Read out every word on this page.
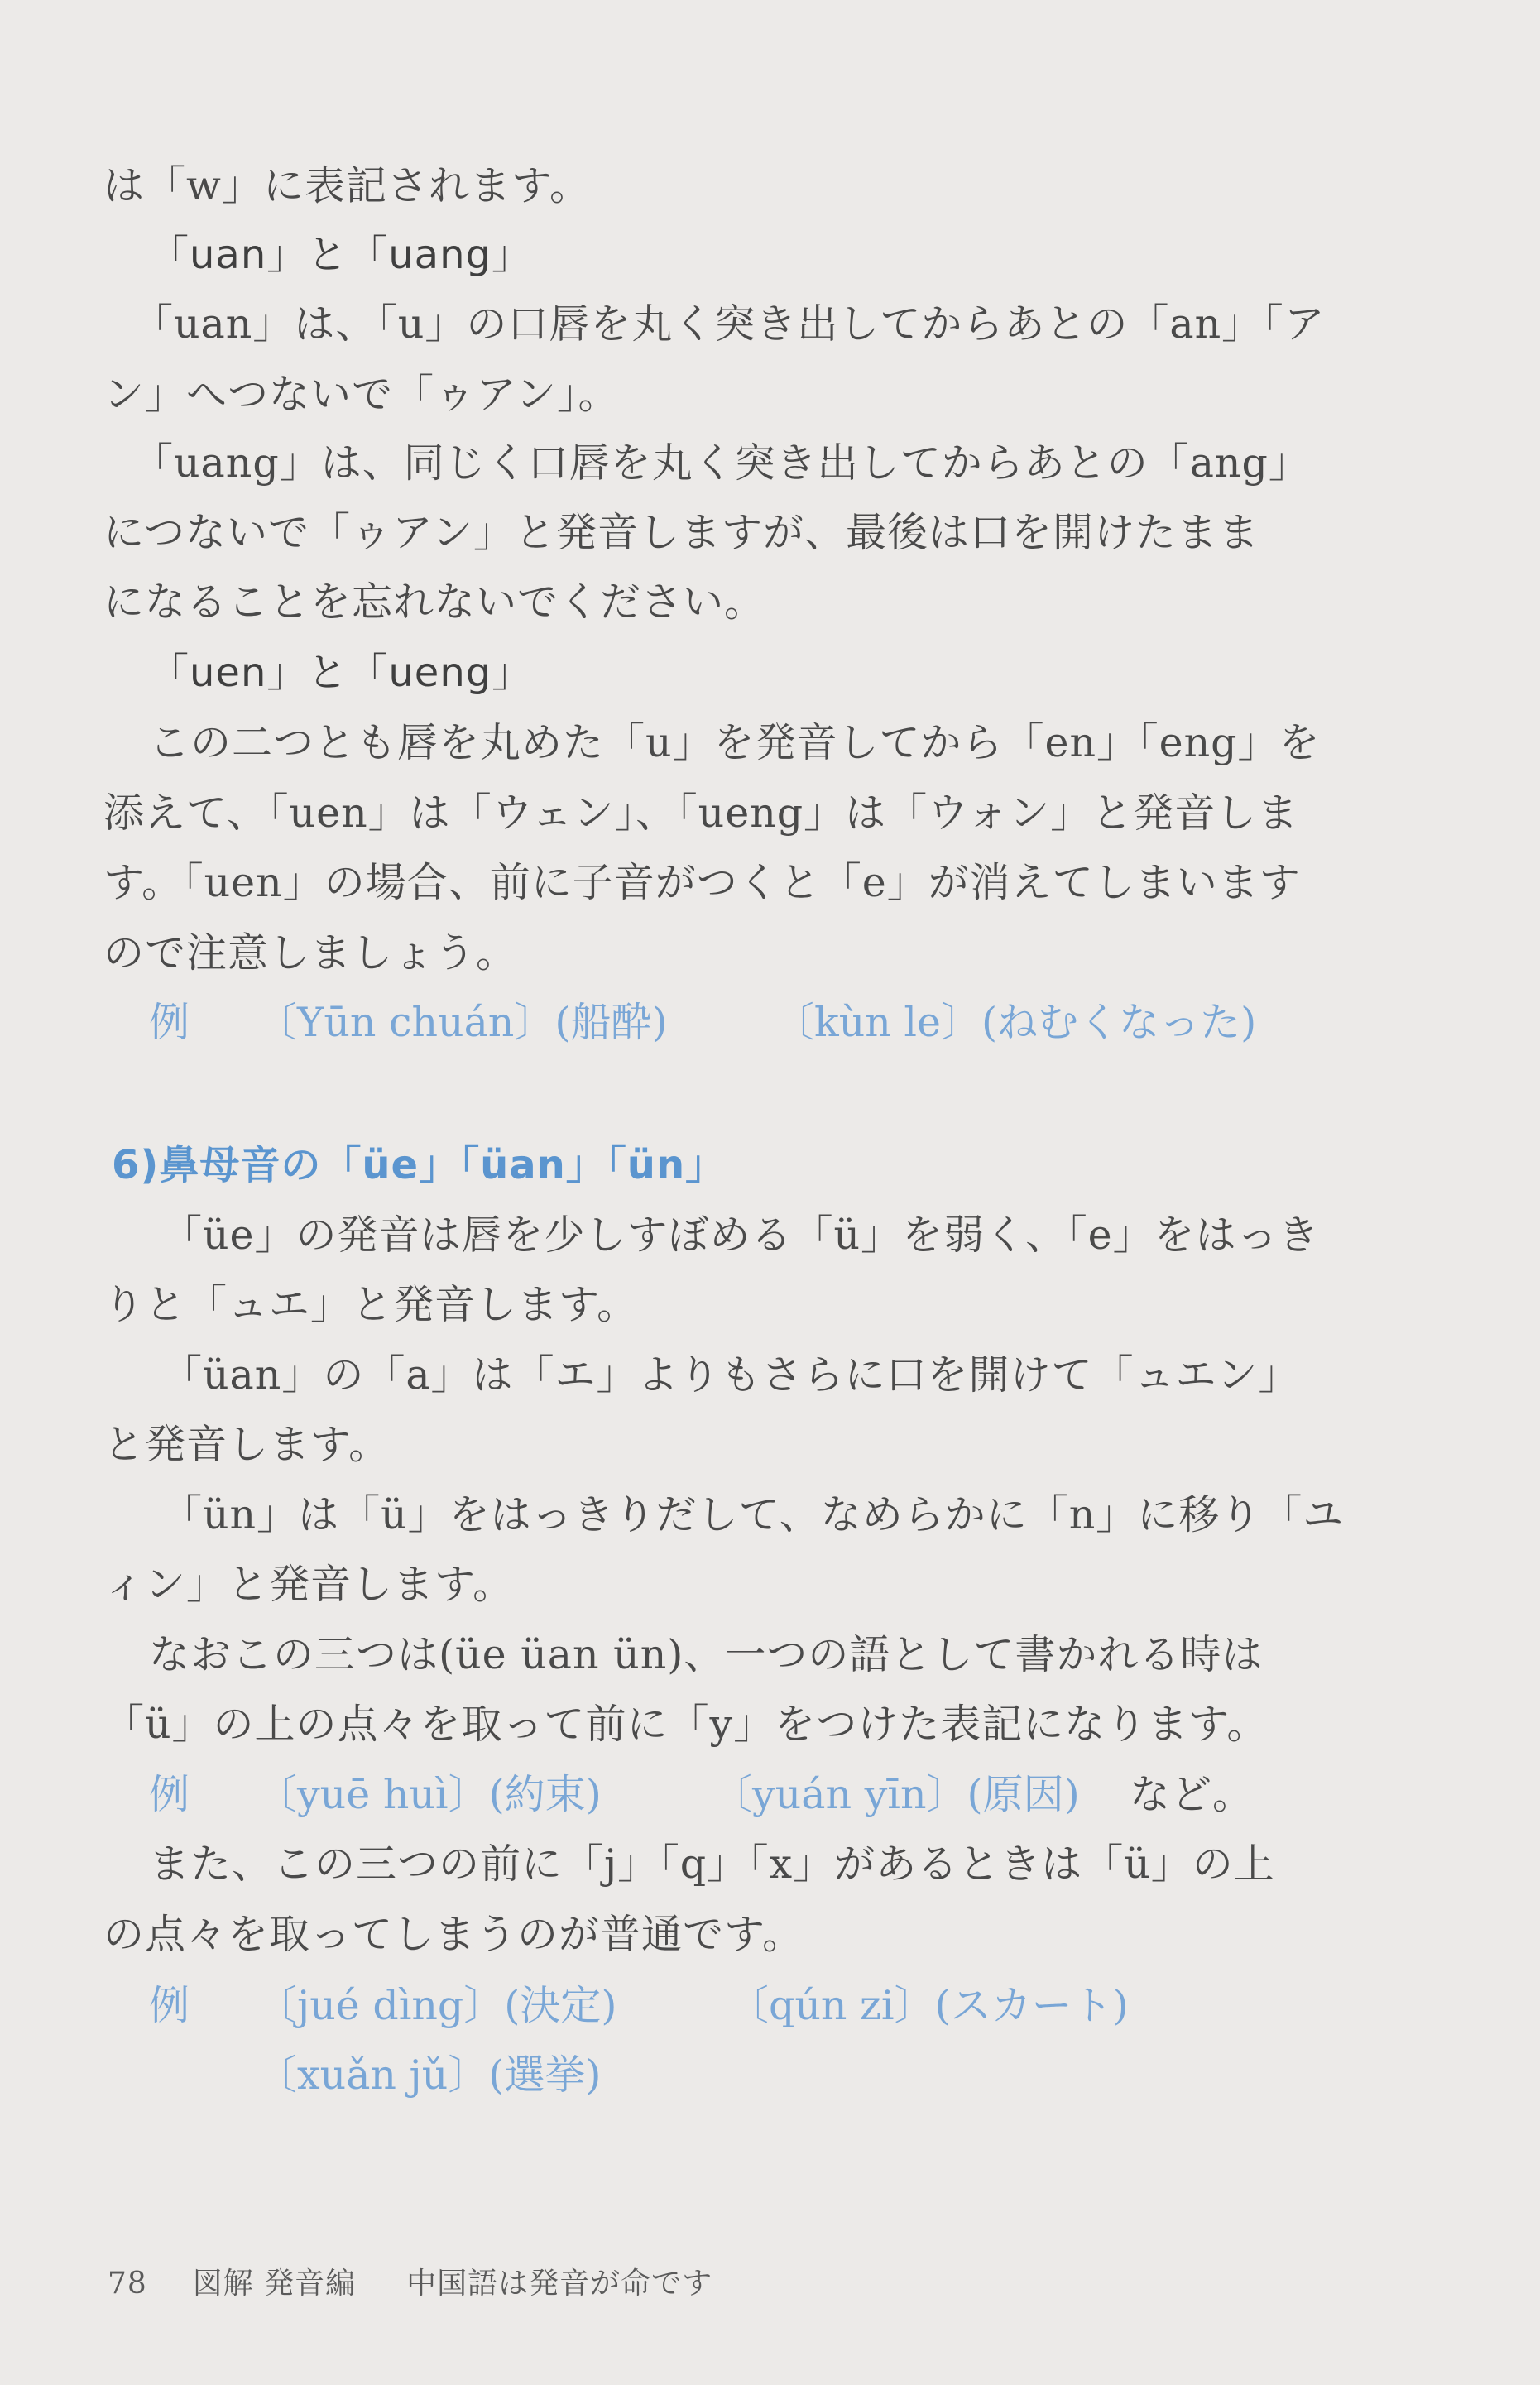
は「w」に表記されます。
「uan」と「uang」
「uan」は、「u」の口唇を丸く突き出してからあとの「an」「ア
ン」へつないで「ゥアン」。
「uang」は、同じく口唇を丸く突き出してからあとの「ang」
につないで「ゥアン」と発音しますが、最後は口を開けたまま
になることを忘れないでください。
「uen」と「ueng」
この二つとも唇を丸めた「u」を発音してから「en」「eng」を
添えて、「uen」は「ウェン」、「ueng」は「ウォン」と発音しま
す。「uen」の場合、前に子音がつくと「e」が消えてしまいます
ので注意しましょう。
例 〔Yūn chuán〕(船酔)	〔kùn le〕(ねむくなった)
6)鼻母音の「üe」「üan」「ün」
「üe」の発音は唇を少しすぼめる「ü」を弱く、「e」をはっき
りと「ュエ」と発音します。
「üan」の「a」は「エ」よりもさらに口を開けて「ュエン」
と発音します。
「ün」は「ü」をはっきりだして、なめらかに「n」に移り「ユ
ィン」と発音します。
なおこの三つは(üe üan ün)、一つの語として書かれる時は
「ü」の上の点々を取って前に「y」をつけた表記になります。
例 〔yuē huì〕(約束)	〔yuán yīn〕(原因) など。
また、この三つの前に「j」「q」「x」があるときは「ü」の上
の点々を取ってしまうのが普通です。
例 〔jué dìng〕(決定)	〔qún zi〕(スカート)
〔xuǎn jǔ〕(選挙)
78 図解 発音編 中国語は発音が命です
